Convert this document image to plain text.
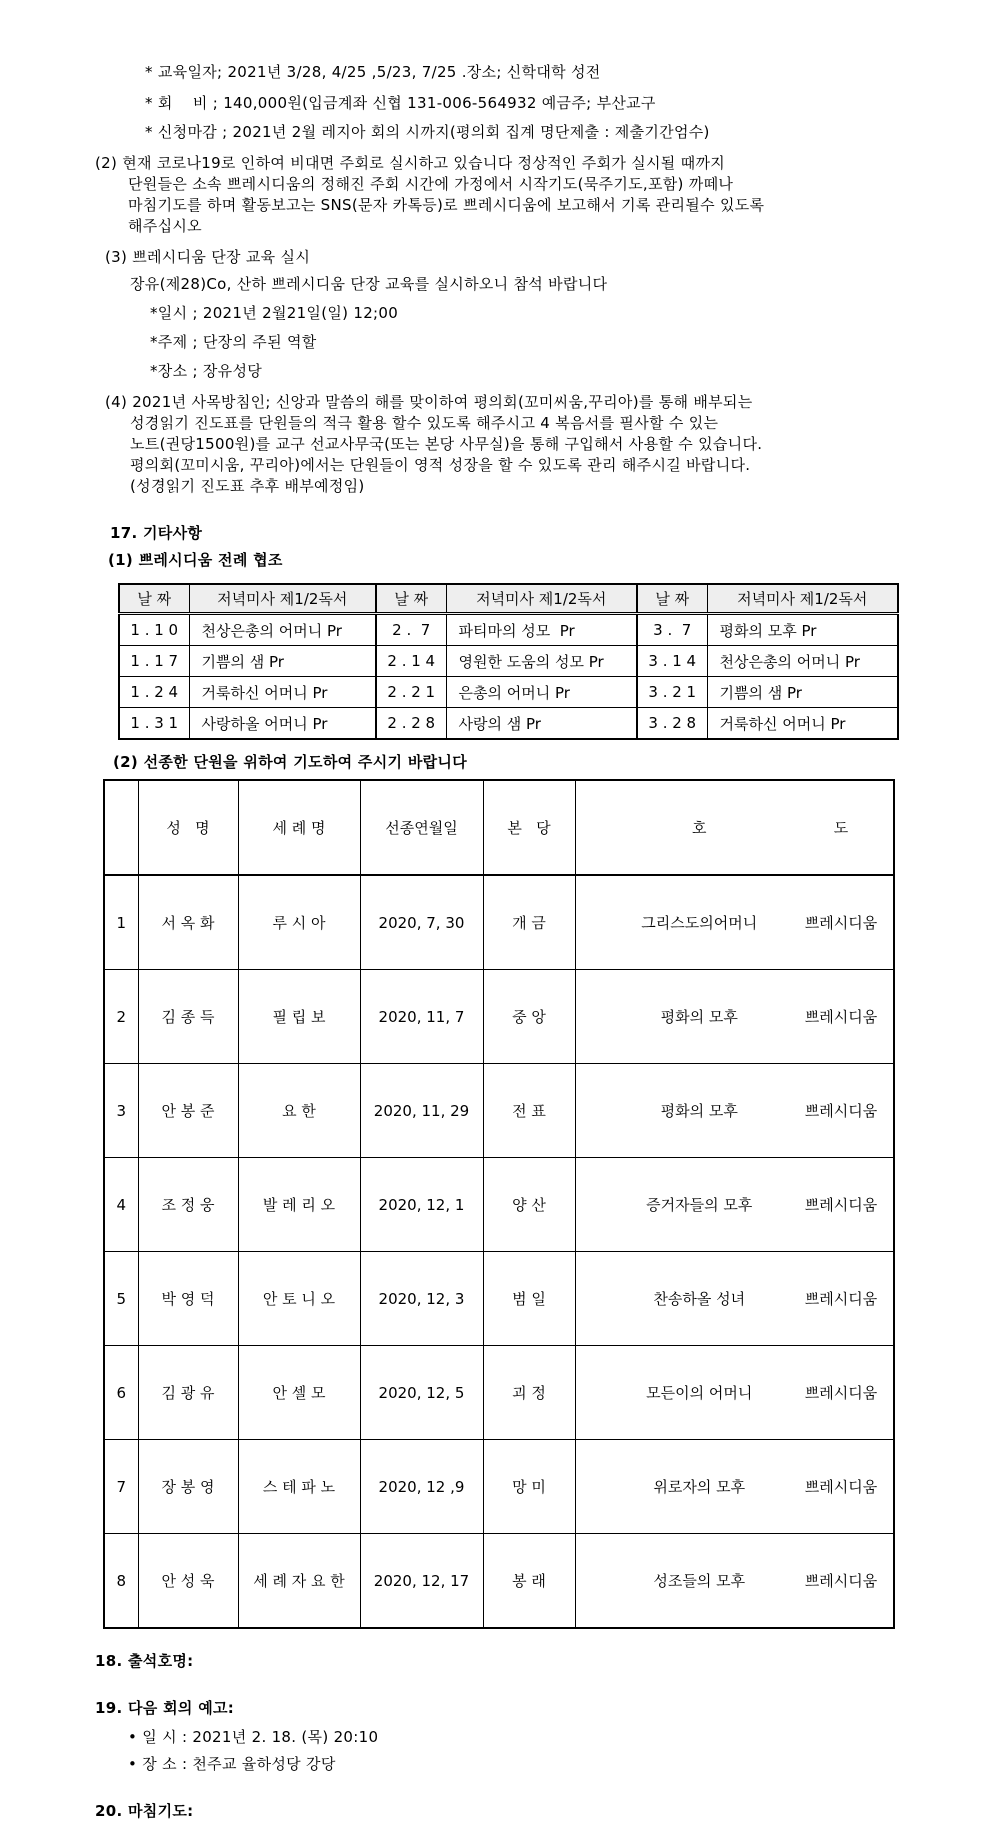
* 교육일자; 2021년 3/28, 4/25 ,5/23, 7/25 .장소; 신학대학 성전
* 회    비 ; 140,000원(입금계좌 신협 131-006-564932 예금주; 부산교구
* 신청마감 ; 2021년 2월 레지아 회의 시까지(평의회 집계 명단제출 : 제출기간엄수)
(2) 현재 코로나19로 인하여 비대면 주회로 실시하고 있습니다 정상적인 주회가 실시될 때까지
단원들은 소속 쁘레시디움의 정해진 주회 시간에 가정에서 시작기도(묵주기도,포함) 까떼나
마침기도를 하며 활동보고는 SNS(문자 카톡등)로 쁘레시디움에 보고해서 기록 관리될수 있도록
해주십시오
(3) 쁘레시디움 단장 교육 실시
장유(제28)Co, 산하 쁘레시디움 단장 교육를 실시하오니 참석 바랍니다
*일시 ; 2021년 2월21일(일) 12;00
*주제 ; 단장의 주된 역할
*장소 ; 장유성당
(4) 2021년 사목방침인; 신앙과 말씀의 해를 맞이하여 평의회(꼬미씨움,꾸리아)를 통해 배부되는
성경읽기 진도표를 단원들의 적극 활용 할수 있도록 해주시고 4 복음서를 필사할 수 있는
노트(권당1500원)를 교구 선교사무국(또는 본당 사무실)을 통해 구입해서 사용할 수 있습니다.
평의회(꼬미시움, 꾸리아)에서는 단원들이 영적 성장을 할 수 있도록 관리 해주시길 바랍니다.
(성경읽기 진도표 추후 배부예정임)
17. 기타사항
(1) 쁘레시디움 전례 협조
날 짜	저녁미사 제1/2독서	날 짜	저녁미사 제1/2독서	날 짜	저녁미사 제1/2독서
1 . 1 0	천상은총의 어머니 Pr	2 .  7	파티마의 성모  Pr	3 .  7	평화의 모후 Pr
1 . 1 7	기쁨의 샘 Pr	2 . 1 4	영원한 도움의 성모 Pr	3 . 1 4	천상은총의 어머니 Pr
1 . 2 4	거룩하신 어머니 Pr	2 . 2 1	은총의 어머니 Pr	3 . 2 1	기쁨의 샘 Pr
1 . 3 1	사랑하올 어머니 Pr	2 . 2 8	사랑의 샘 Pr	3 . 2 8	거룩하신 어머니 Pr
(2) 선종한 단원을 위하여 기도하여 주시기 바랍니다
	성   명	세 례 명	선종연월일	본   당	호 도

1	서 옥 화	루 시 아	2020, 7, 30	개 금	그리스도의어머니 쁘레시디움

2	김 종 득	필 립 보	2020, 11, 7	중 앙	평화의 모후 쁘레시디움

3	안 봉 준	요 한	2020, 11, 29	전 표	평화의 모후 쁘레시디움

4	조 정 웅	발 레 리 오	2020, 12, 1	양 산	증거자들의 모후 쁘레시디움

5	박 영 덕	안 토 니 오	2020, 12, 3	범 일	찬송하올 성녀 쁘레시디움

6	김 광 유	안 셀 모	2020, 12, 5	괴 정	모든이의 어머니 쁘레시디움

7	장 봉 영	스 테 파 노	2020, 12 ,9	망 미	위로자의 모후 쁘레시디움

8	안 성 욱	세 례 자 요 한	2020, 12, 17	봉 래	성조들의 모후 쁘레시디움

18. 출석호명:
19. 다음 회의 예고:
• 일 시 : 2021년 2. 18. (목) 20:10
• 장 소 : 천주교 율하성당 강당
20. 마침기도:
